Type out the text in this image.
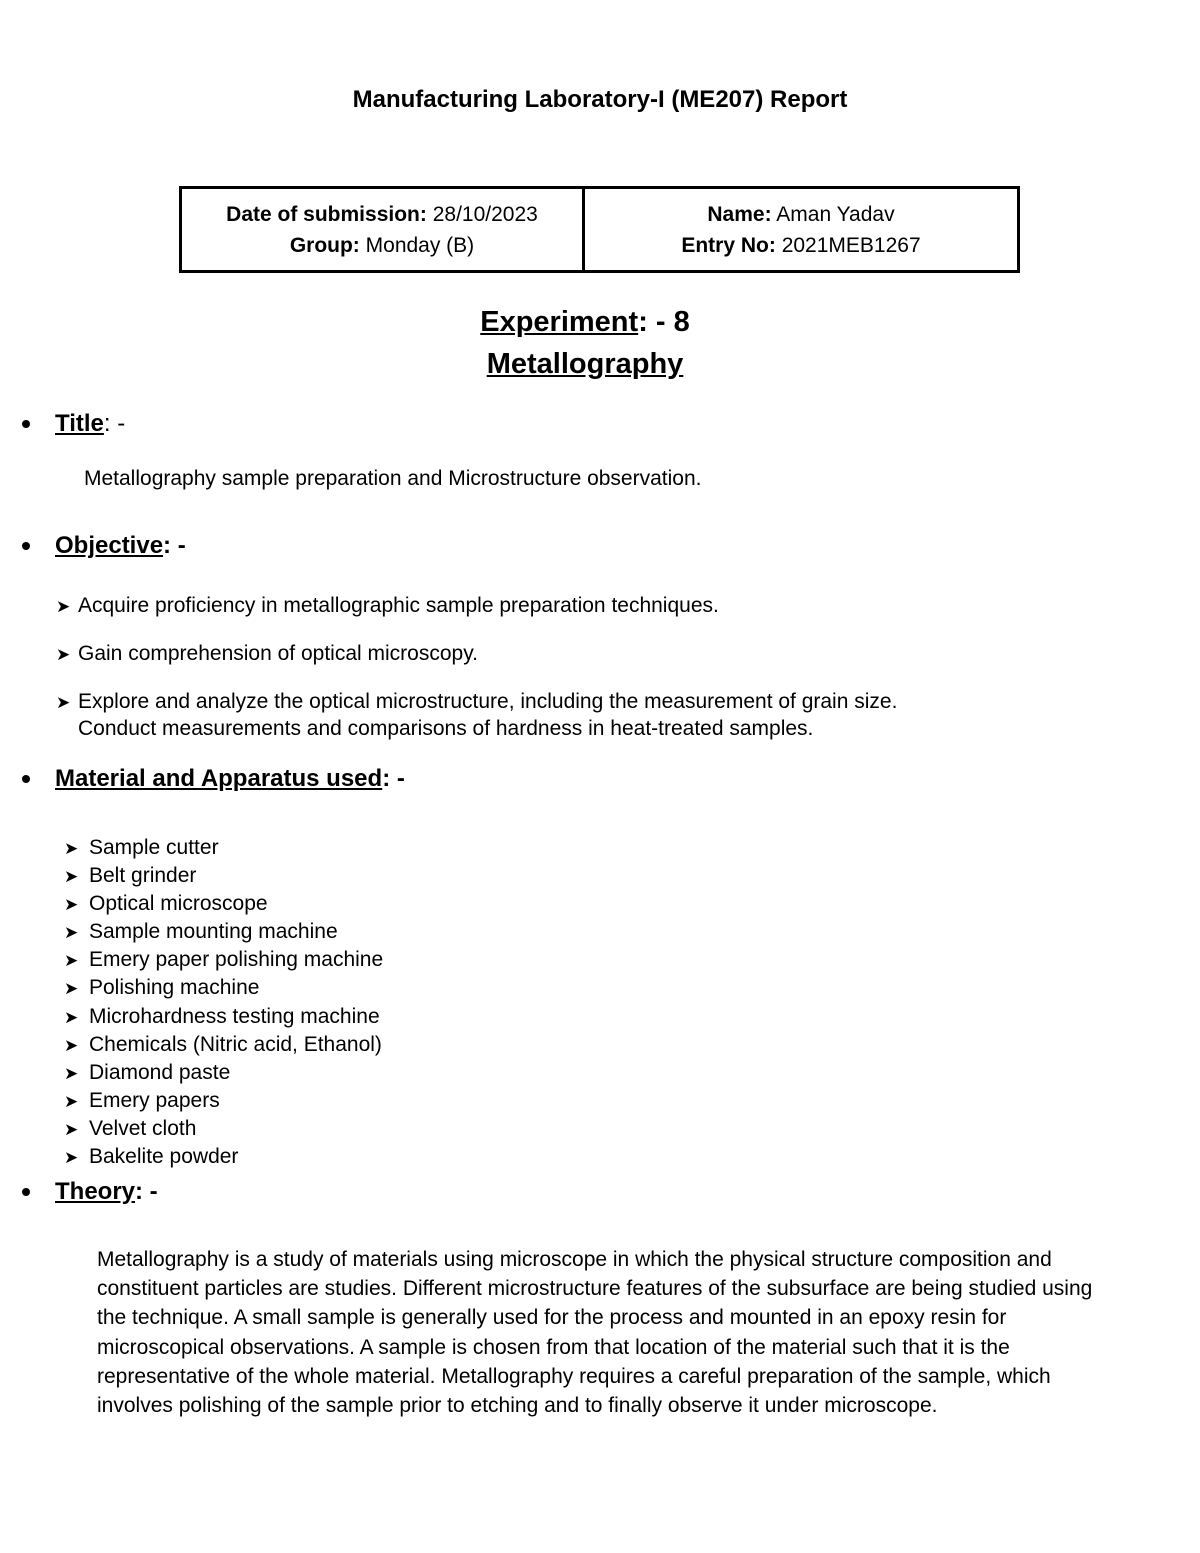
Manufacturing Laboratory-I (ME207) Report
Date of submission: 28/10/2023
Group: Monday (B)
Name: Aman Yadav
Entry No: 2021MEB1267
Experiment: - 8
Metallography
Title : -
Metallography sample preparation and Microstructure observation.
Objective : -
➤ Acquire proficiency in metallographic sample preparation techniques.
➤ Gain comprehension of optical microscopy.
➤ Explore and analyze the optical microstructure, including the measurement of grain size.
Conduct measurements and comparisons of hardness in heat-treated samples.
Material and Apparatus used : -
➤ Sample cutter
➤ Belt grinder
➤ Optical microscope
➤ Sample mounting machine
➤ Emery paper polishing machine
➤ Polishing machine
➤ Microhardness testing machine
➤ Chemicals (Nitric acid, Ethanol)
➤ Diamond paste
➤ Emery papers
➤ Velvet cloth
➤ Bakelite powder
Theory : -
Metallography is a study of materials using microscope in which the physical structure composition and constituent particles are studies. Different microstructure features of the subsurface are being studied using the technique. A small sample is generally used for the process and mounted in an epoxy resin for microscopical observations. A sample is chosen from that location of the material such that it is the representative of the whole material. Metallography requires a careful preparation of the sample, which involves polishing of the sample prior to etching and to finally observe it under microscope.
